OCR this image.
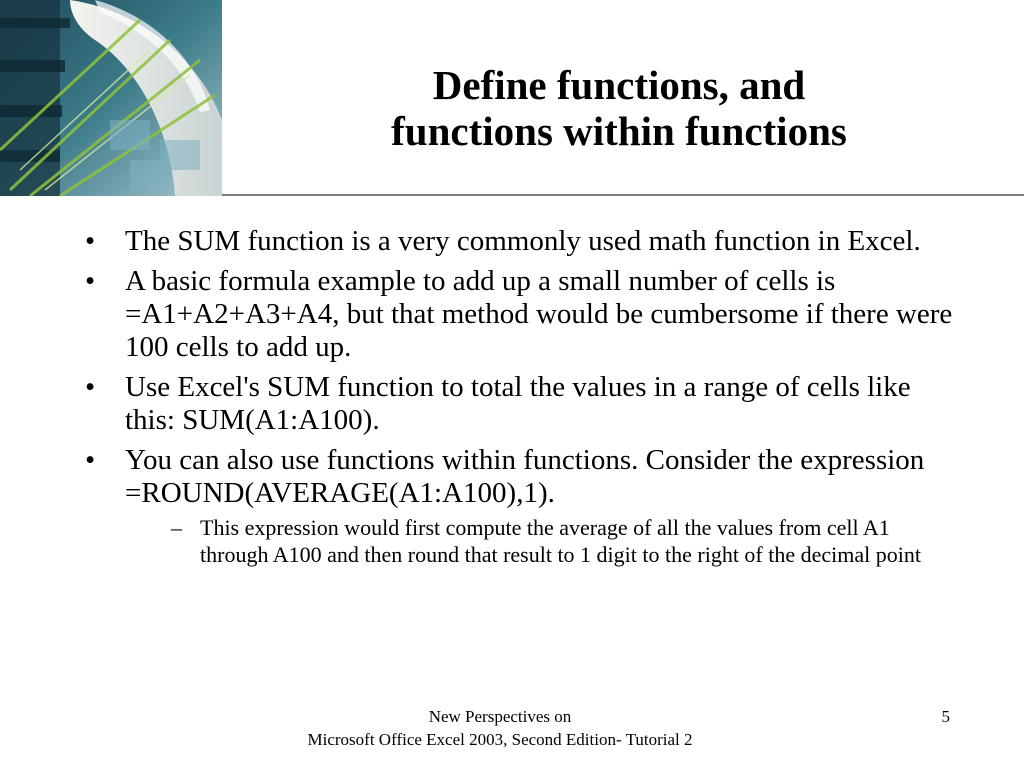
Define functions, and
functions within functions
• The SUM function is a very commonly used math function in Excel.
• A basic formula example to add up a small number of cells is =A1+A2+A3+A4, but that method would be cumbersome if there were 100 cells to add up.
• Use Excel's SUM function to total the values in a range of cells like this: SUM(A1:A100).
• You can also use functions within functions. Consider the expression =ROUND(AVERAGE(A1:A100),1).
– This expression would first compute the average of all the values from cell A1 through A100 and then round that result to 1 digit to the right of the decimal point
New Perspectives on
Microsoft Office Excel 2003, Second Edition- Tutorial 2
5
